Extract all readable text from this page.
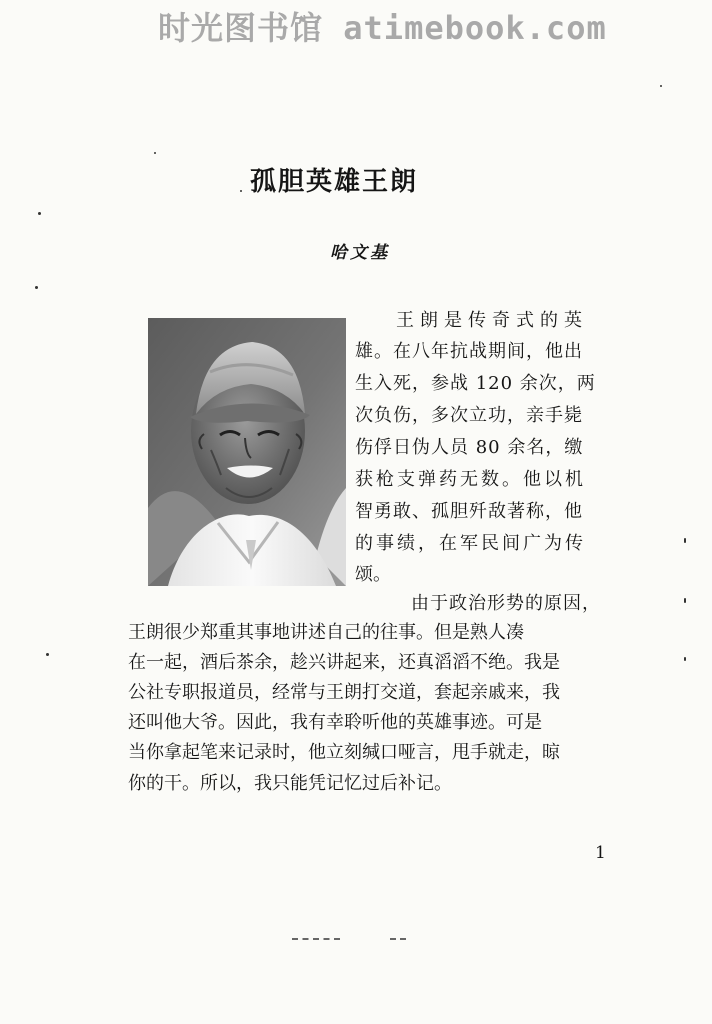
时光图书馆 atimebook.com
孤胆英雄王朗
哈文基
王朗是传奇式的英
雄。在八年抗战期间，他出
生入死，参战 120 余次，两
次负伤，多次立功，亲手毙
伤俘日伪人员 80 余名，缴
获枪支弹药无数。他以机
智勇敢、孤胆歼敌著称，他
的事绩，在军民间广为传
颂。
由于政治形势的原因，
王朗很少郑重其事地讲述自己的往事。但是熟人凑
在一起，酒后茶余，趁兴讲起来，还真滔滔不绝。我是
公社专职报道员，经常与王朗打交道，套起亲戚来，我
还叫他大爷。因此，我有幸聆听他的英雄事迹。可是
当你拿起笔来记录时，他立刻缄口哑言，甩手就走，晾
你的干。所以，我只能凭记忆过后补记。
1
